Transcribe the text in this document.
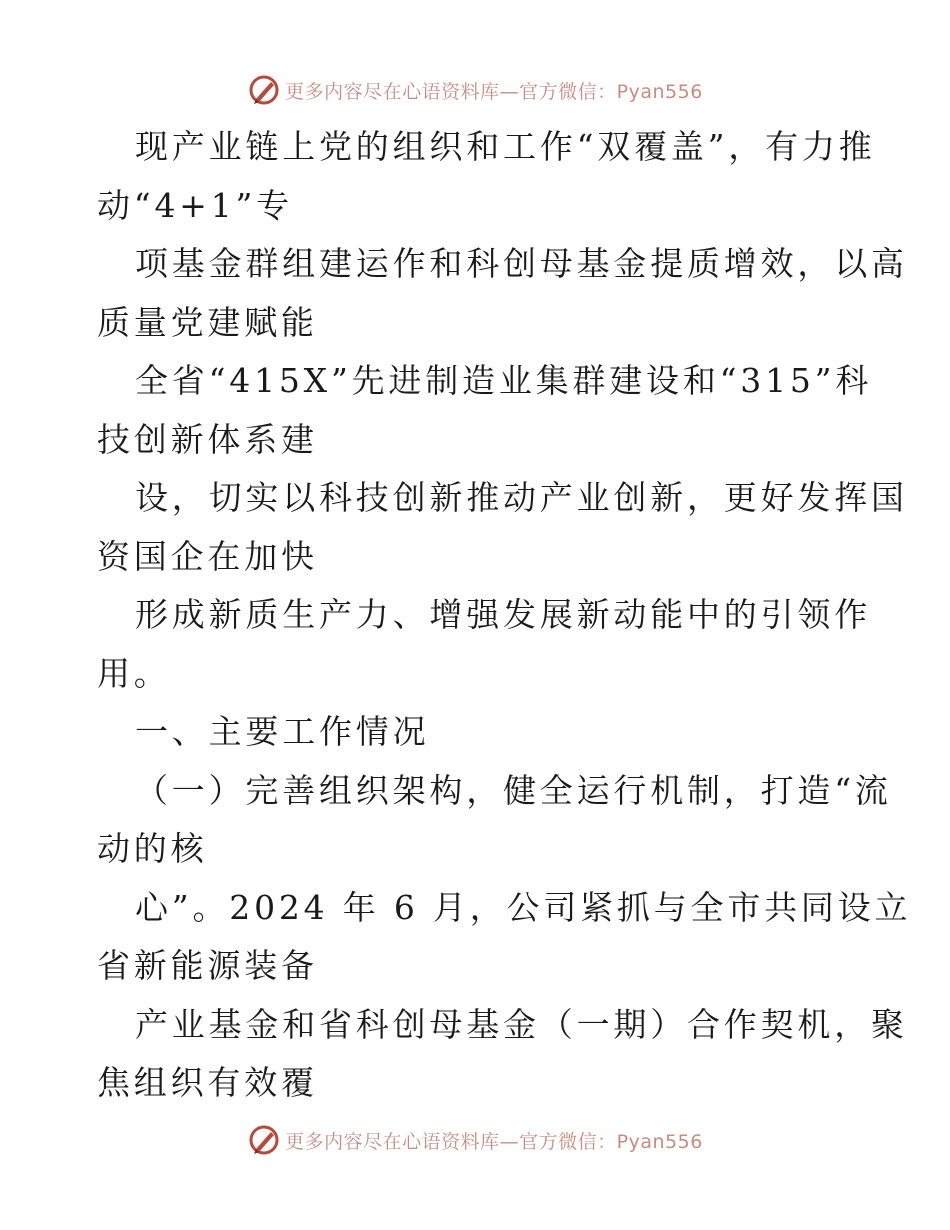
更多内容尽在心语资料库—官方微信：Pyan556
现产业链上党的组织和工作“双覆盖”，有力推
动“4+1”专
项基金群组建运作和科创母基金提质增效，以高
质量党建赋能
全省“415X”先进制造业集群建设和“315”科
技创新体系建
设，切实以科技创新推动产业创新，更好发挥国
资国企在加快
形成新质生产力、增强发展新动能中的引领作
用。
一、主要工作情况
（一）完善组织架构，健全运行机制，打造“流
动的核
心”。2024 年 6 月，公司紧抓与全市共同设立
省新能源装备
产业基金和省科创母基金（一期）合作契机，聚
焦组织有效覆
更多内容尽在心语资料库—官方微信：Pyan556
